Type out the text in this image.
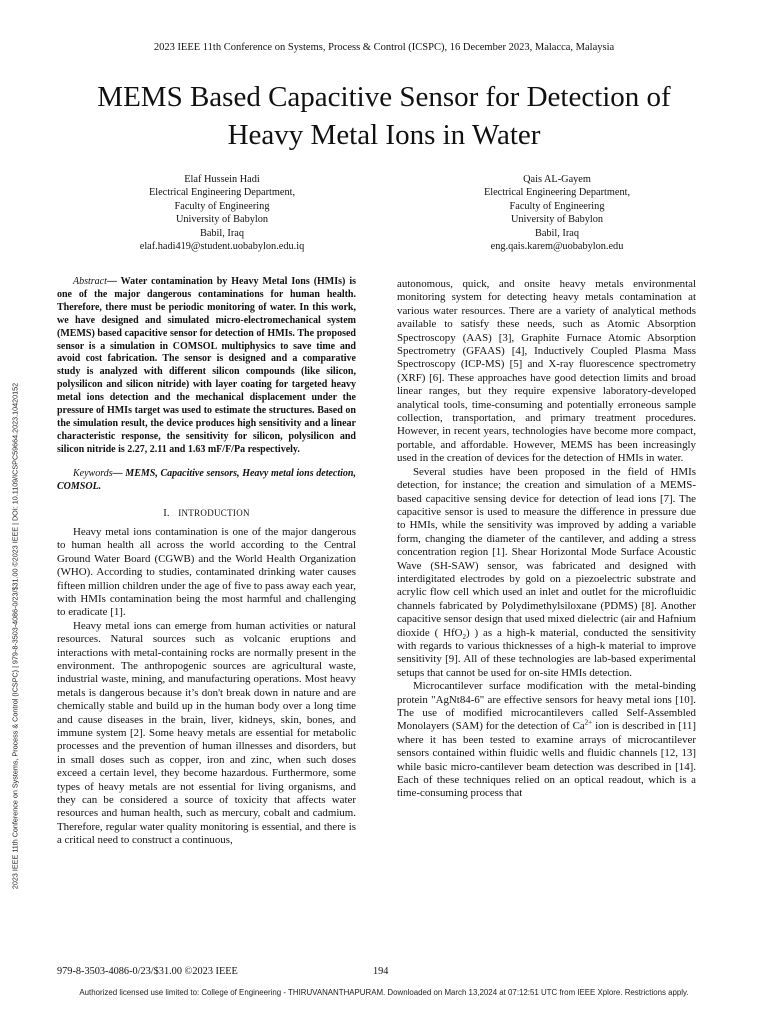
2023 IEEE 11th Conference on Systems, Process & Control (ICSPC), 16 December 2023, Malacca, Malaysia
2023 IEEE 11th Conference on Systems, Process & Control (ICSPC) | 979-8-3503-4086-0/23/$31.00 ©2023 IEEE | DOI: 10.1109/ICSPC59664.2023.10420152
MEMS Based Capacitive Sensor for Detection of
Heavy Metal Ions in Water
Elaf Hussein Hadi
Electrical Engineering Department,
Faculty of Engineering
University of Babylon
Babil, Iraq
elaf.hadi419@student.uobabylon.edu.iq
Qais AL-Gayem
Electrical Engineering Department,
Faculty of Engineering
University of Babylon
Babil, Iraq
eng.qais.karem@uobabylon.edu

Abstract— Water contamination by Heavy Metal Ions (HMIs) is one of the major dangerous contaminations for human health. Therefore, there must be periodic monitoring of water. In this work, we have designed and simulated micro-electromechanical system (MEMS) based capacitive sensor for detection of HMIs. The proposed sensor is a simulation in COMSOL multiphysics to save time and avoid cost fabrication. The sensor is designed and a comparative study is analyzed with different silicon compounds (like silicon, polysilicon and silicon nitride) with layer coating for targeted heavy metal ions detection and the mechanical displacement under the pressure of HMIs target was used to estimate the structures. Based on the simulation result, the device produces high sensitivity and a linear characteristic response, the sensitivity for silicon, polysilicon and silicon nitride is 2.27, 2.11 and 1.63 mF/F/Pa respectively.

Keywords— MEMS, Capacitive sensors, Heavy metal ions detection, COMSOL.

I. INTRODUCTION

Heavy metal ions contamination is one of the major dangerous to human health all across the world according to the Central Ground Water Board (CGWB) and the World Health Organization (WHO). According to studies, contaminated drinking water causes fifteen million children under the age of five to pass away each year, with HMIs contamination being the most harmful and challenging to eradicate [1].

Heavy metal ions can emerge from human activities or natural resources. Natural sources such as volcanic eruptions and interactions with metal-containing rocks are normally present in the environment. The anthropogenic sources are agricultural waste, industrial waste, mining, and manufacturing operations. Most heavy metals is dangerous because it’s don't break down in nature and are chemically stable and build up in the human body over a long time and cause diseases in the brain, liver, kidneys, skin, bones, and immune system [2]. Some heavy metals are essential for metabolic processes and the prevention of human illnesses and disorders, but in small doses such as copper, iron and zinc, when such doses exceed a certain level, they become hazardous. Furthermore, some types of heavy metals are not essential for living organisms, and they can be considered a source of toxicity that affects water resources and human health, such as mercury, cobalt and cadmium. Therefore, regular water quality monitoring is essential, and there is a critical need to construct a continuous,

autonomous, quick, and onsite heavy metals environmental monitoring system for detecting heavy metals contamination at various water resources. There are a variety of analytical methods available to satisfy these needs, such as Atomic Absorption Spectroscopy (AAS) [3], Graphite Furnace Atomic Absorption Spectrometry (GFAAS) [4], Inductively Coupled Plasma Mass Spectroscopy (ICP-MS) [5] and X-ray fluorescence spectrometry (XRF) [6]. These approaches have good detection limits and broad linear ranges, but they require expensive laboratory-developed analytical tools, time-consuming and potentially erroneous sample collection, transportation, and primary treatment procedures. However, in recent years, technologies have become more compact, portable, and affordable. However, MEMS has been increasingly used in the creation of devices for the detection of HMIs in water.

Several studies have been proposed in the field of HMIs detection, for instance; the creation and simulation of a MEMS-based capacitive sensing device for detection of lead ions [7]. The capacitive sensor is used to measure the difference in pressure due to HMIs, while the sensitivity was improved by adding a variable form, changing the diameter of the cantilever, and adding a stress concentration region [1]. Shear Horizontal Mode Surface Acoustic Wave (SH-SAW) sensor, was fabricated and designed with interdigitated electrodes by gold on a piezoelectric substrate and acrylic flow cell which used an inlet and outlet for the microfluidic channels fabricated by Polydimethylsiloxane (PDMS) [8]. Another capacitive sensor design that used mixed dielectric (air and Hafnium dioxide ( HfO$_2$) ) as a high-k material, conducted the sensitivity with regards to various thicknesses of a high-k material to improve sensitivity [9]. All of these technologies are lab-based experimental setups that cannot be used for on-site HMIs detection.

Microcantilever surface modification with the metal-binding protein "AgNt84-6" are effective sensors for heavy metal ions [10]. The use of modified microcantilevers called Self-Assembled Monolayers (SAM) for the detection of $Ca^{2+}$ ion is described in [11] where it has been tested to examine arrays of microcantilever sensors contained within fluidic wells and fluidic channels [12, 13] while basic micro-cantilever beam detection was described in [14]. Each of these techniques relied on an optical readout, which is a time-consuming process that

979-8-3503-4086-0/23/$31.00 ©2023 IEEE	194
Authorized licensed use limited to: College of Engineering - THIRUVANANTHAPURAM. Downloaded on March 13,2024 at 07:12:51 UTC from IEEE Xplore. Restrictions apply.
